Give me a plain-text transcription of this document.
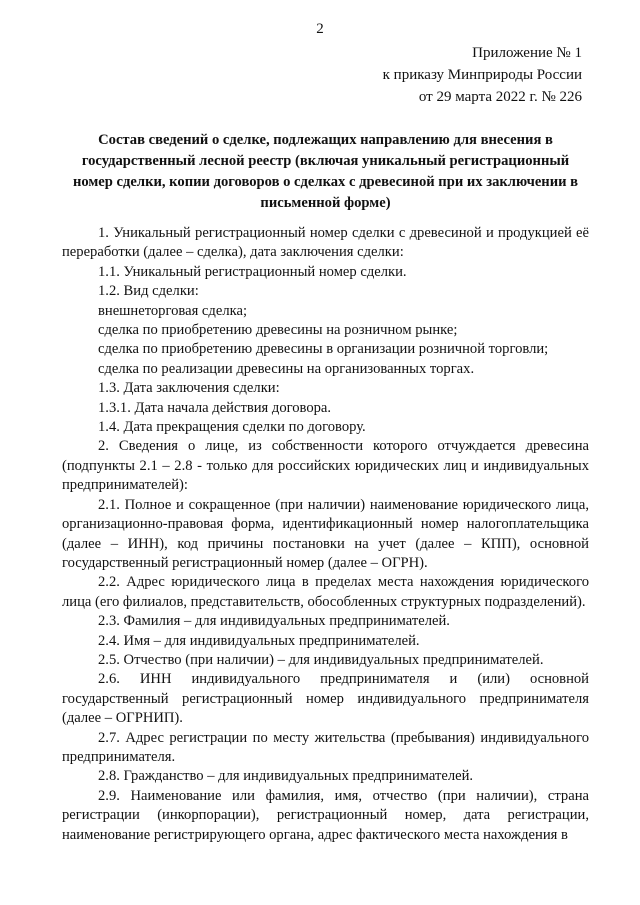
2
Приложение № 1
к приказу Минприроды России
от 29 марта 2022 г. № 226
Состав сведений о сделке, подлежащих направлению для внесения в государственный лесной реестр (включая уникальный регистрационный номер сделки, копии договоров о сделках с древесиной при их заключении в письменной форме)

1. Уникальный регистрационный номер сделки с древесиной и продукцией её переработки (далее – сделка), дата заключения сделки:

1.1. Уникальный регистрационный номер сделки.

1.2. Вид сделки:

внешнеторговая сделка;

сделка по приобретению древесины на розничном рынке;

сделка по приобретению древесины в организации розничной торговли;

сделка по реализации древесины на организованных торгах.

1.3. Дата заключения сделки:

1.3.1. Дата начала действия договора.

1.4. Дата прекращения сделки по договору.

2. Сведения о лице, из собственности которого отчуждается древесина (подпункты 2.1 – 2.8 - только для российских юридических лиц и индивидуальных предпринимателей):

2.1. Полное и сокращенное (при наличии) наименование юридического лица, организационно-правовая форма, идентификационный номер налогоплательщика (далее – ИНН), код причины постановки на учет (далее – КПП), основной государственный регистрационный номер (далее – ОГРН).

2.2. Адрес юридического лица в пределах места нахождения юридического лица (его филиалов, представительств, обособленных структурных подразделений).

2.3. Фамилия – для индивидуальных предпринимателей.

2.4. Имя – для индивидуальных предпринимателей.

2.5. Отчество (при наличии) – для индивидуальных предпринимателей.

2.6. ИНН индивидуального предпринимателя и (или) основной государственный регистрационный номер индивидуального предпринимателя (далее – ОГРНИП).

2.7. Адрес регистрации по месту жительства (пребывания) индивидуального предпринимателя.

2.8. Гражданство – для индивидуальных предпринимателей.

2.9. Наименование или фамилия, имя, отчество (при наличии), страна регистрации (инкорпорации), регистрационный номер, дата регистрации, наименование регистрирующего органа, адрес фактического места нахождения в
